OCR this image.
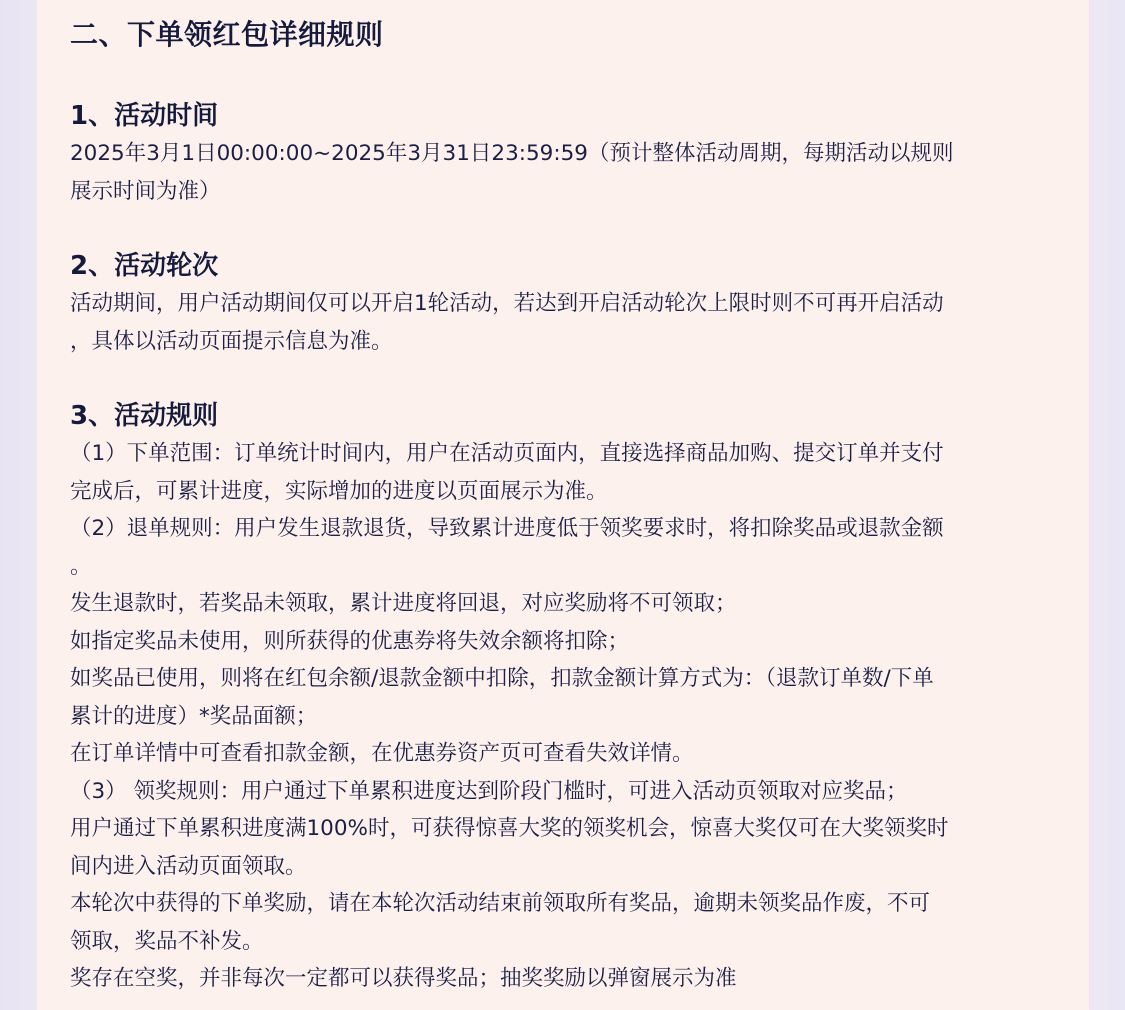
二、下单领红包详细规则
1、活动时间

2025年3月1日00:00:00~2025年3月31日23:59:59（预计整体活动周期，每期活动以规则

展示时间为准）

2、活动轮次

活动期间，用户活动期间仅可以开启1轮活动，若达到开启活动轮次上限时则不可再开启活动

，具体以活动页面提示信息为准。

3、活动规则

（1）下单范围：订单统计时间内，用户在活动页面内，直接选择商品加购、提交订单并支付

完成后，可累计进度，实际增加的进度以页面展示为准。

（2）退单规则：用户发生退款退货，导致累计进度低于领奖要求时，将扣除奖品或退款金额

。

发生退款时，若奖品未领取，累计进度将回退，对应奖励将不可领取；

如指定奖品未使用，则所获得的优惠券将失效余额将扣除；

如奖品已使用，则将在红包余额/退款金额中扣除，扣款金额计算方式为：（退款订单数/下单

累计的进度）*奖品面额；

在订单详情中可查看扣款金额，在优惠券资产页可查看失效详情。

（3） 领奖规则：用户通过下单累积进度达到阶段门槛时，可进入活动页领取对应奖品；

用户通过下单累积进度满100%时，可获得惊喜大奖的领奖机会，惊喜大奖仅可在大奖领奖时

间内进入活动页面领取。

本轮次中获得的下单奖励，请在本轮次活动结束前领取所有奖品，逾期未领奖品作废，不可

领取，奖品不补发。

奖存在空奖，并非每次一定都可以获得奖品；抽奖奖励以弹窗展示为准
